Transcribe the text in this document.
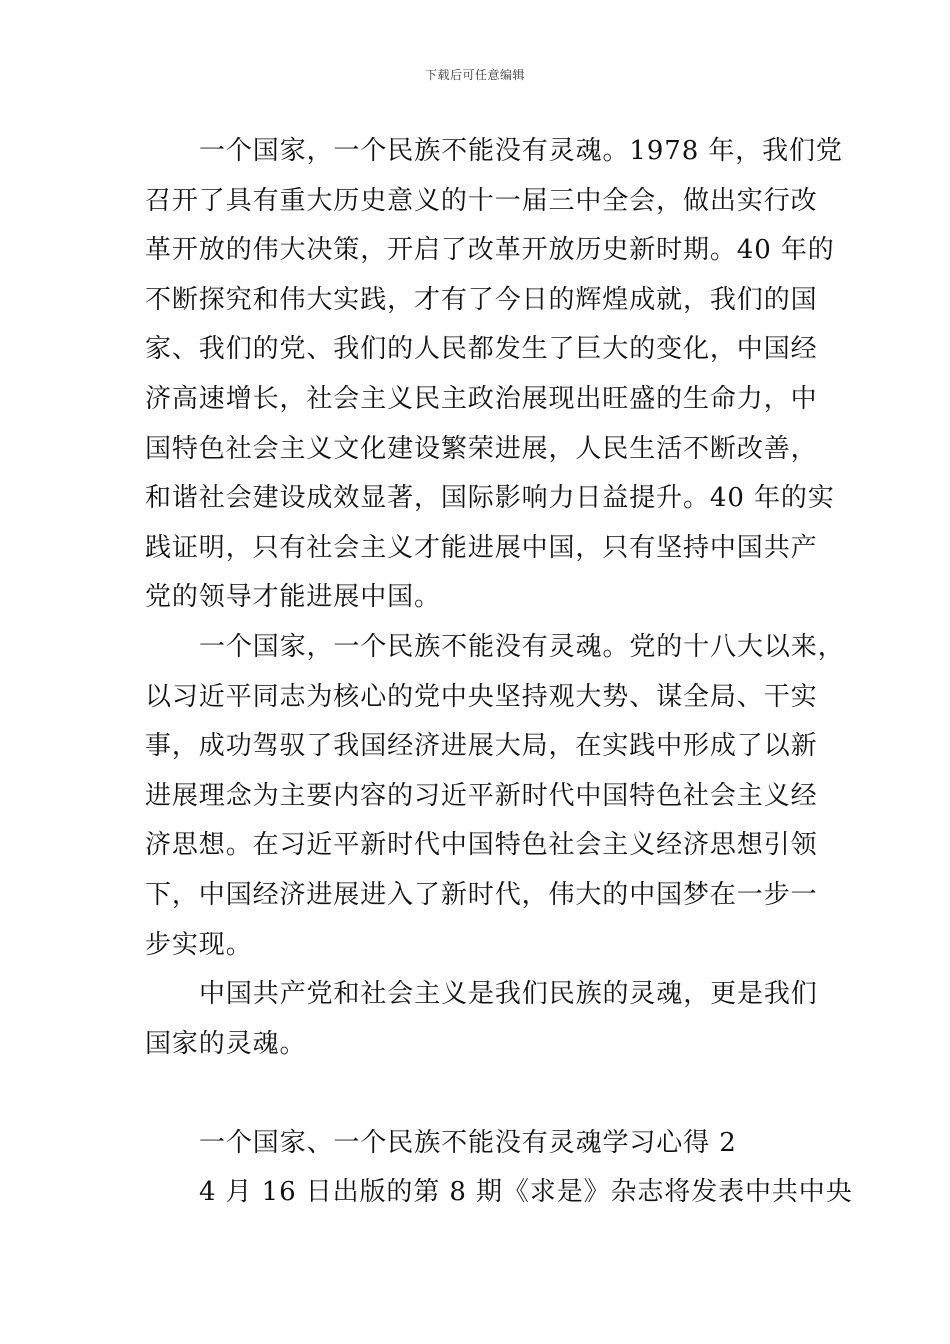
下载后可任意编辑
一个国家，一个民族不能没有灵魂。1978 年，我们党
召开了具有重大历史意义的十一届三中全会，做出实行改
革开放的伟大决策，开启了改革开放历史新时期。40 年的
不断探究和伟大实践，才有了今日的辉煌成就，我们的国
家、我们的党、我们的人民都发生了巨大的变化，中国经
济高速增长，社会主义民主政治展现出旺盛的生命力，中
国特色社会主义文化建设繁荣进展，人民生活不断改善，
和谐社会建设成效显著，国际影响力日益提升。40 年的实
践证明，只有社会主义才能进展中国，只有坚持中国共产
党的领导才能进展中国。
一个国家，一个民族不能没有灵魂。党的十八大以来，
以习近平同志为核心的党中央坚持观大势、谋全局、干实
事，成功驾驭了我国经济进展大局，在实践中形成了以新
进展理念为主要内容的习近平新时代中国特色社会主义经
济思想。在习近平新时代中国特色社会主义经济思想引领
下，中国经济进展进入了新时代，伟大的中国梦在一步一
步实现。
中国共产党和社会主义是我们民族的灵魂，更是我们
国家的灵魂。
一个国家、一个民族不能没有灵魂学习心得 2
4 月 16 日出版的第 8 期《求是》杂志将发表中共中央
